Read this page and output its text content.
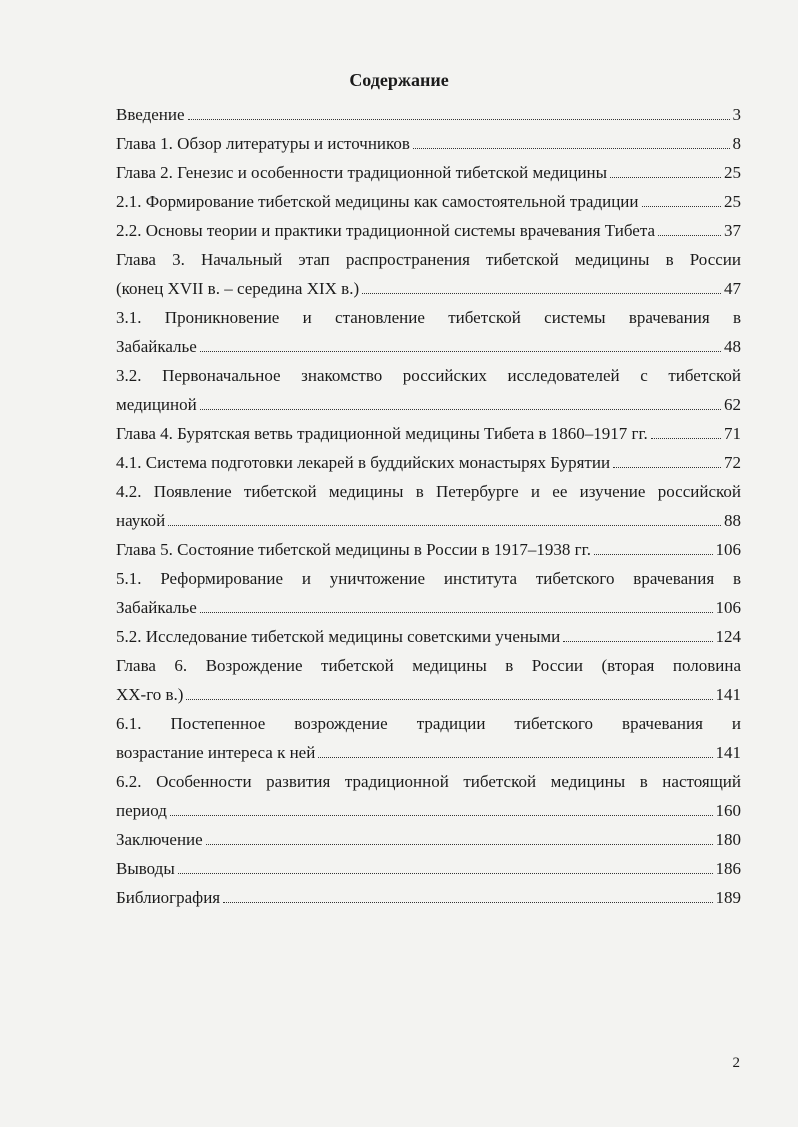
Содержание
Введение	3
Глава 1. Обзор литературы и источников	8
Глава 2. Генезис и особенности традиционной тибетской медицины	25
2.1. Формирование тибетской медицины как самостоятельной традиции	25
2.2. Основы теории и практики традиционной системы врачевания Тибета	37
Глава 3. Начальный этап распространения тибетской медицины в России
(конец XVII в. – середина XIX в.)	47
3.1. Проникновение и становление тибетской системы врачевания в
Забайкалье	48
3.2. Первоначальное знакомство российских исследователей с тибетской
медициной	62
Глава 4. Бурятская ветвь традиционной медицины Тибета в 1860–1917 гг.	71
4.1. Система подготовки лекарей в буддийских монастырях Бурятии	72
4.2. Появление тибетской медицины в Петербурге и ее изучение российской
наукой	88
Глава 5. Состояние тибетской медицины в России в 1917–1938 гг.	106
5.1. Реформирование и уничтожение института тибетского врачевания в
Забайкалье	106
5.2. Исследование тибетской медицины советскими учеными	124
Глава 6. Возрождение тибетской медицины в России (вторая половина
XX-го в.)	141
6.1. Постепенное возрождение традиции тибетского врачевания и
возрастание интереса к ней	141
6.2. Особенности развития традиционной тибетской медицины в настоящий
период	160
Заключение	180
Выводы	186
Библиография	189
2
